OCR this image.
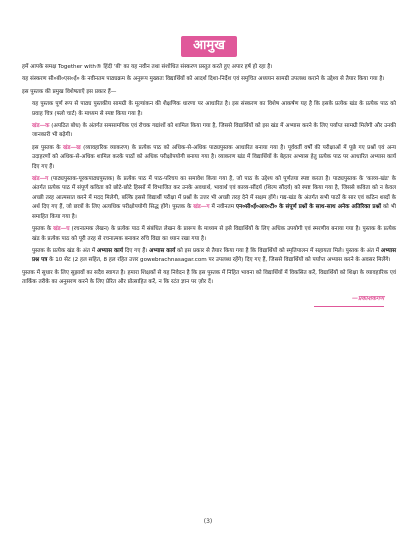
आमुख

हमें आपके समक्ष Together with® हिंदी 'बी' का यह नवीन तथा संशोधित संस्करण प्रस्तुत करते हुए अपार हर्ष हो रहा है।

यह संस्करण सी०बी०एस०ई० के नवीनतम पाठ्यक्रम के अनुरूप मुख्यतः विद्यार्थियों को आदर्श दिशा-निर्देश एवं समुचित अध्ययन सामग्री उपलब्ध कराने के उद्देश्य से तैयार किया गया है।

इस पुस्तक की प्रमुख विशेषताएँ इस प्रकार हैं—

यह पुस्तक पूर्ण रूप से पाठ्य पुस्तकीय सामग्री के मूल्यांकन की शैक्षणिक धारणा पर आधारित है। इस संस्करण का विशेष आकर्षण यह है कि इसके प्रत्येक खंड के प्रत्येक पाठ को प्रवाह चित्र (फ्लो चार्ट) के माध्यम से स्पष्ट किया गया है।

खंड—क (अपठित बोध) के अंतर्गत समसामयिक एवं रोचक गद्यांशों को शामिल किया गया है, जिससे विद्यार्थियों को इस खंड में अभ्यास करने के लिए पर्याप्त सामग्री मिलेगी और उनकी जानकारी भी बढ़ेगी।

इस पुस्तक के खंड—ख (व्यावहारिक व्याकरण) के प्रत्येक पाठ को अधिक-से-अधिक पाठ्यपुस्तक आधारित बनाया गया है। पूर्ववर्ती वर्षों की परीक्षाओं में पूछे गए प्रश्नों एवं अन्य उदाहरणों को अधिक-से-अधिक शामिल करके पाठों को अधिक परीक्षोपयोगी बनाया गया है। व्याकरण खंड में विद्यार्थियों के बेहतर अभ्यास हेतु प्रत्येक पाठ पर आधारित अभ्यास कार्य दिए गए हैं।

खंड—ग (पाठ्यपुस्तक-पूरकपाठ्यपुस्तक) के प्रत्येक पाठ में पाठ-परिचय का समावेश किया गया है, जो पाठ के उद्देश्य को पूर्णतया स्पष्ट करता है। पाठ्यपुस्तक के 'काव्य-खंड' के अंतर्गत प्रत्येक पाठ में संपूर्ण कविता को छोटे-छोटे हिस्सों में विभाजित कर उनके अवधार्थ, भावार्थ एवं काव्य-सौंदर्य (शिल्प सौंदर्य) को स्पष्ट किया गया है, जिससे कविता को न केवल अच्छी तरह आत्मसात करने में मदद मिलेगी, बल्कि इससे विद्यार्थी परीक्षा में प्रश्नों के उत्तर भी अच्छी तरह देने में सक्षम होंगे। गद्य-खंड के अंतर्गत सभी पाठों के सार एवं कठिन शब्दों के अर्थ दिए गए हैं, जो छात्रों के लिए अत्यधिक परीक्षोपयोगी सिद्ध होंगे। पुस्तक के खंड—ग में नवीनतम एन०सी०ई०आर०टी० के संपूर्ण प्रश्नों के साथ-साथ अनेक अतिरिक्त प्रश्नों को भी समाहित किया गया है।

पुस्तक के खंड—घ (रचनात्मक लेखन) के प्रत्येक पाठ में संबंधित लेखन के प्रारूप के माध्यम से इसे विद्यार्थियों के लिए अधिक उपयोगी एवं स्मरणीय बनाया गया है। पुस्तक के प्रत्येक खंड के प्रत्येक पाठ को पूरी तरह से रचनात्मक बनाकर रुचि विद्या का ध्यान रखा गया है।

पुस्तक के प्रत्येक खंड के अंत में अभ्यास कार्य दिए गए हैं। अभ्यास कार्य को इस प्रकार से तैयार किया गया है कि विद्यार्थियों को स्मृतिपालन में सहायता मिले। पुस्तक के अंत में अभ्यास प्रश्न पत्र के 10 सेट (2 हल सहित, 8 हल रहित उत्तर gowebrachnasagar.com पर उपलब्ध रहेंगे) दिए गए हैं, जिससे विद्यार्थियों को पर्याप्त अभ्यास करने के अवसर मिलेंगे।

पुस्तक में सुधार के लिए सुझावों का सदैव स्वागत है। हमारा शिक्षकों से यह निवेदन है कि इस पुस्तक में निहित भावना को विद्यार्थियों में विकसित करें, विद्यार्थियों को शिक्षा के व्यावहारिक एवं तार्किक तरीके का अनुसरण करने के लिए प्रेरित और प्रोत्साहित करें, न कि रटंत ज्ञान पर ज़ोर दें।

—प्रकाशकगण

(3)
